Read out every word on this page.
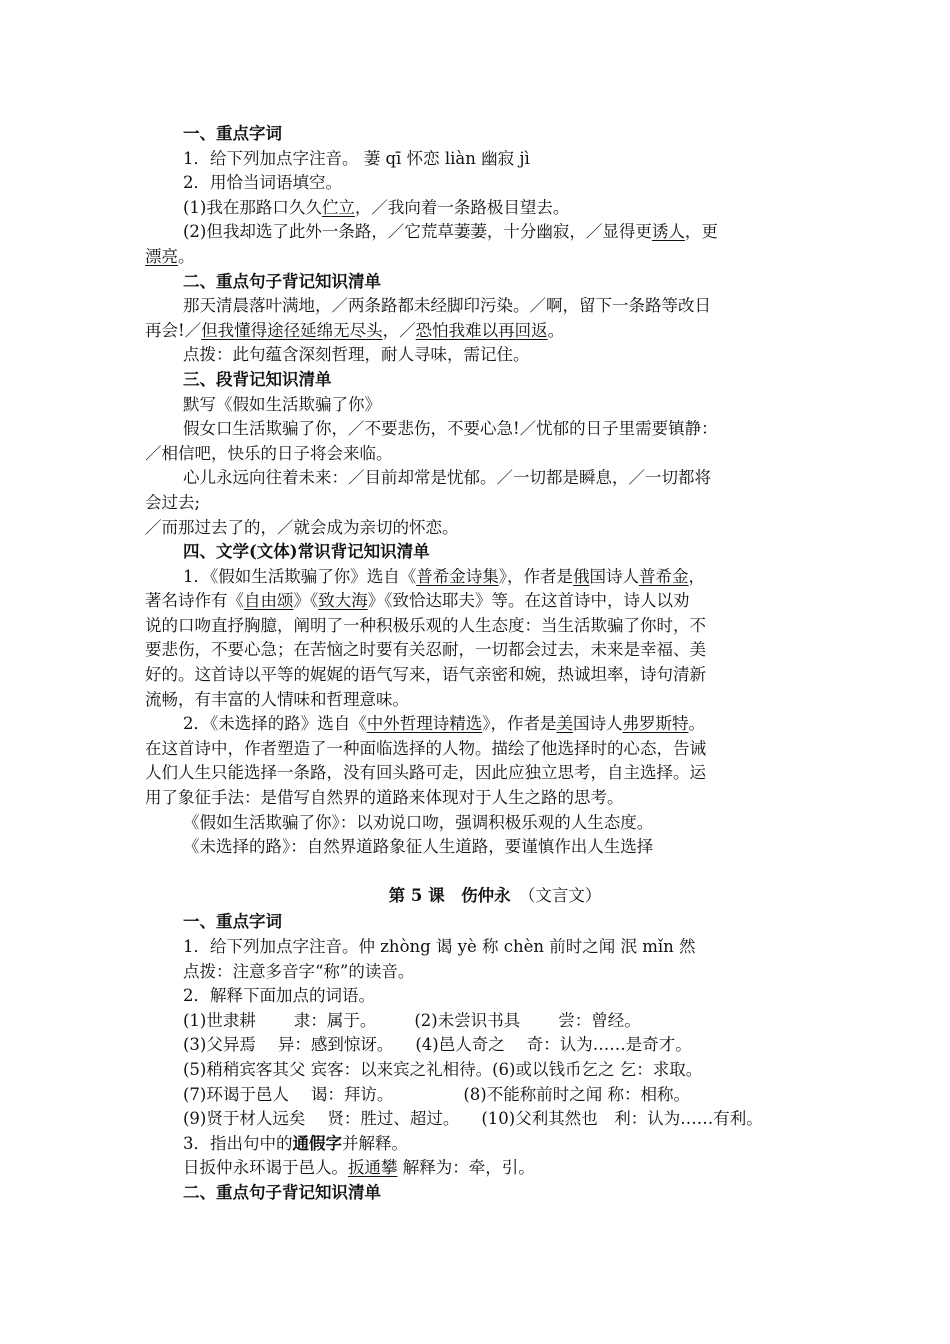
一、重点字词
1．给下列加点字注音。 萋 qī 怀恋 liàn 幽寂 jì
2．用恰当词语填空。
(1)我在那路口久久伫立，／我向着一条路极目望去。
(2)但我却选了此外一条路，／它荒草萋萋，十分幽寂，／显得更诱人，更
漂亮。
二、重点句子背记知识清单
那天清晨落叶满地，／两条路都未经脚印污染。／啊，留下一条路等改日
再会!／但我懂得途径延绵无尽头，／恐怕我难以再回返。
点拨：此句蕴含深刻哲理，耐人寻味，需记住。
三、段背记知识清单
默写《假如生活欺骗了你》
假女口生活欺骗了你，／不要悲伤，不要心急!／忧郁的日子里需要镇静：
／相信吧，快乐的日子将会来临。
心儿永远向往着未来：／目前却常是忧郁。／一切都是瞬息，／一切都将
会过去;
／而那过去了的，／就会成为亲切的怀恋。
四、文学(文体)常识背记知识清单
1．《假如生活欺骗了你》选自《普希金诗集》，作者是俄国诗人普希金，
著名诗作有《自由颂》《致大海》《致恰达耶夫》等。在这首诗中，诗人以劝
说的口吻直抒胸臆，阐明了一种积极乐观的人生态度：当生活欺骗了你时，不
要悲伤，不要心急；在苦恼之时要有关忍耐，一切都会过去，未来是幸福、美
好的。这首诗以平等的娓娓的语气写来，语气亲密和婉，热诚坦率，诗句清新
流畅，有丰富的人情味和哲理意味。
2．《未选择的路》选自《中外哲理诗精选》，作者是美国诗人弗罗斯特。
在这首诗中，作者塑造了一种面临选择的人物。描绘了他选择时的心态，告诫
人们人生只能选择一条路，没有回头路可走，因此应独立思考，自主选择。运
用了象征手法：是借写自然界的道路来体现对于人生之路的思考。
《假如生活欺骗了你》：以劝说口吻，强调积极乐观的人生态度。
《未选择的路》：自然界道路象征人生道路，要谨慎作出人生选择
第 5 课　伤仲永　 （文言文）
一、重点字词
1．给下列加点字注音。仲 zhòng 谒 yè 称 chèn 前时之闻 泯 mǐn 然
点拨：注意多音字“称”的读音。
2．解释下面加点的词语。
(1)世隶耕 隶：属于。 (2)未尝识书具 尝：曾经。
(3)父异焉 异：感到惊讶。 (4)邑人奇之 奇：认为……是奇才。
(5)稍稍宾客其父 宾客：以来宾之礼相待。(6)或以钱币乞之 乞：求取。
(7)环谒于邑人 谒：拜访。	(8)不能称前时之闻 称：相称。
(9)贤于材人远矣 贤：胜过、超过。 (10)父利其然也　利：认为……有利。
3．指出句中的通假字并解释。
日扳仲永环谒于邑人。扳通攀 解释为：牵，引。
二、重点句子背记知识清单
